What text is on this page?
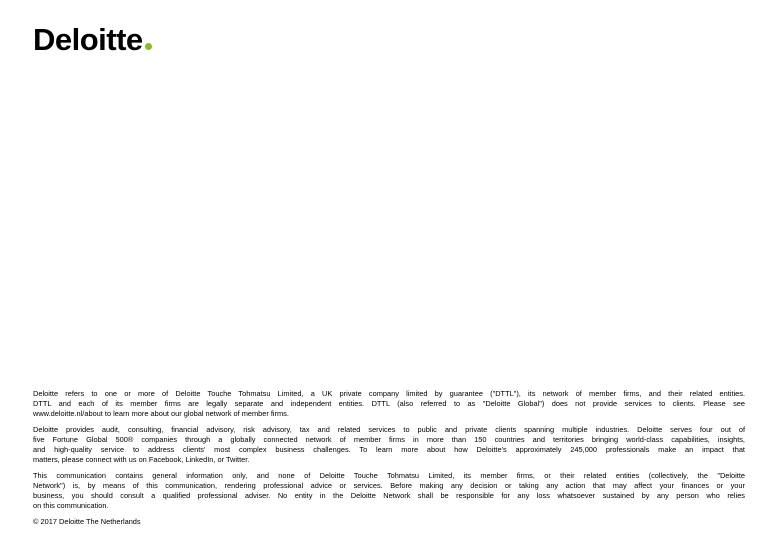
Deloitte
Deloitte refers to one or more of Deloitte Touche Tohmatsu Limited, a UK private company limited by guarantee ("DTTL"), its network of member firms, and their related entities.
DTTL and each of its member firms are legally separate and independent entities. DTTL (also referred to as "Deloitte Global") does not provide services to clients. Please see
www.deloitte.nl/about to learn more about our global network of member firms.
Deloitte provides audit, consulting, financial advisory, risk advisory, tax and related services to public and private clients spanning multiple industries. Deloitte serves four out of
five Fortune Global 500® companies through a globally connected network of member firms in more than 150 countries and territories bringing world-class capabilities, insights,
and high-quality service to address clients' most complex business challenges. To learn more about how Deloitte's approximately 245,000 professionals make an impact that
matters, please connect with us on Facebook, LinkedIn, or Twitter.
This communication contains general information only, and none of Deloitte Touche Tohmatsu Limited, its member firms, or their related entities (collectively, the "Deloitte
Network") is, by means of this communication, rendering professional advice or services. Before making any decision or taking any action that may affect your finances or your
business, you should consult a qualified professional adviser. No entity in the Deloitte Network shall be responsible for any loss whatsoever sustained by any person who relies
on this communication.
© 2017 Deloitte The Netherlands
